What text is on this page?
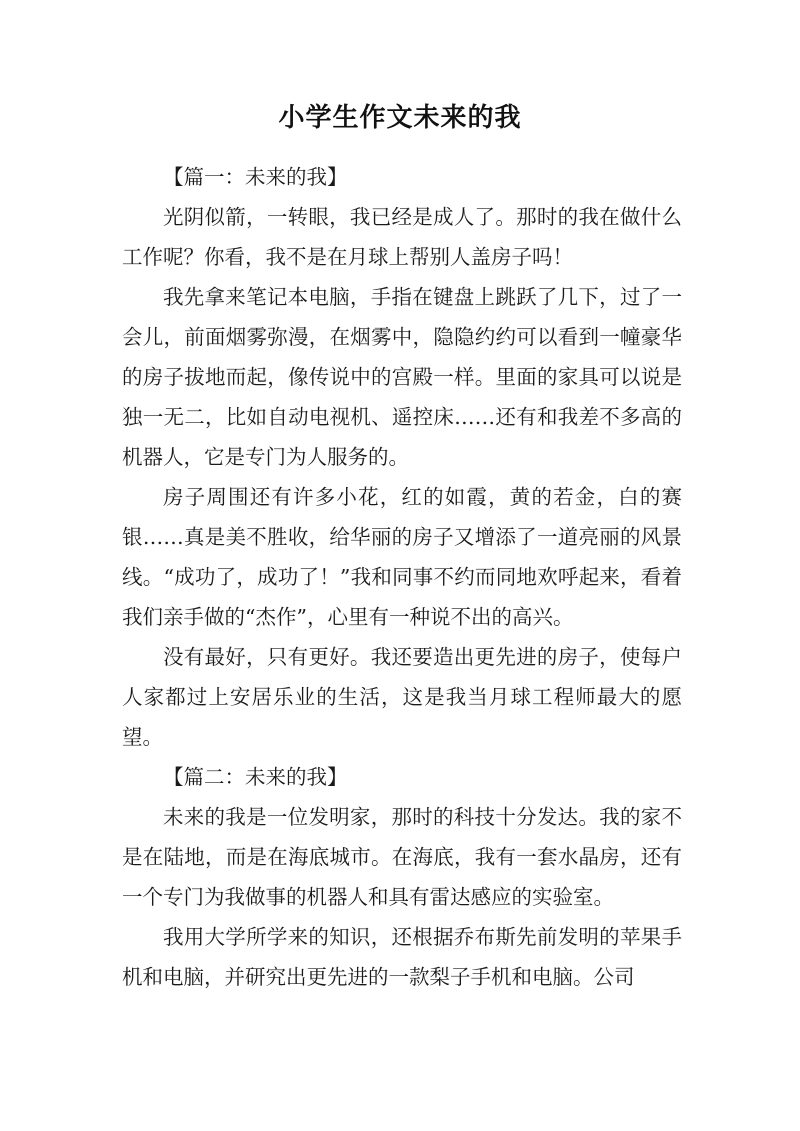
小学生作文未来的我

【篇一：未来的我】

光阴似箭，一转眼，我已经是成人了。那时的我在做什么工作呢？你看，我不是在月球上帮别人盖房子吗！

我先拿来笔记本电脑，手指在键盘上跳跃了几下，过了一会儿，前面烟雾弥漫，在烟雾中，隐隐约约可以看到一幢豪华的房子拔地而起，像传说中的宫殿一样。里面的家具可以说是独一无二，比如自动电视机、遥控床……还有和我差不多高的机器人，它是专门为人服务的。

房子周围还有许多小花，红的如霞，黄的若金，白的赛银……真是美不胜收，给华丽的房子又增添了一道亮丽的风景线。“成功了，成功了！”我和同事不约而同地欢呼起来，看着我们亲手做的“杰作”，心里有一种说不出的高兴。

没有最好，只有更好。我还要造出更先进的房子，使每户人家都过上安居乐业的生活，这是我当月球工程师最大的愿望。

【篇二：未来的我】

未来的我是一位发明家，那时的科技十分发达。我的家不是在陆地，而是在海底城市。在海底，我有一套水晶房，还有一个专门为我做事的机器人和具有雷达感应的实验室。

我用大学所学来的知识，还根据乔布斯先前发明的苹果手机和电脑，并研究出更先进的一款梨子手机和电脑。公司
